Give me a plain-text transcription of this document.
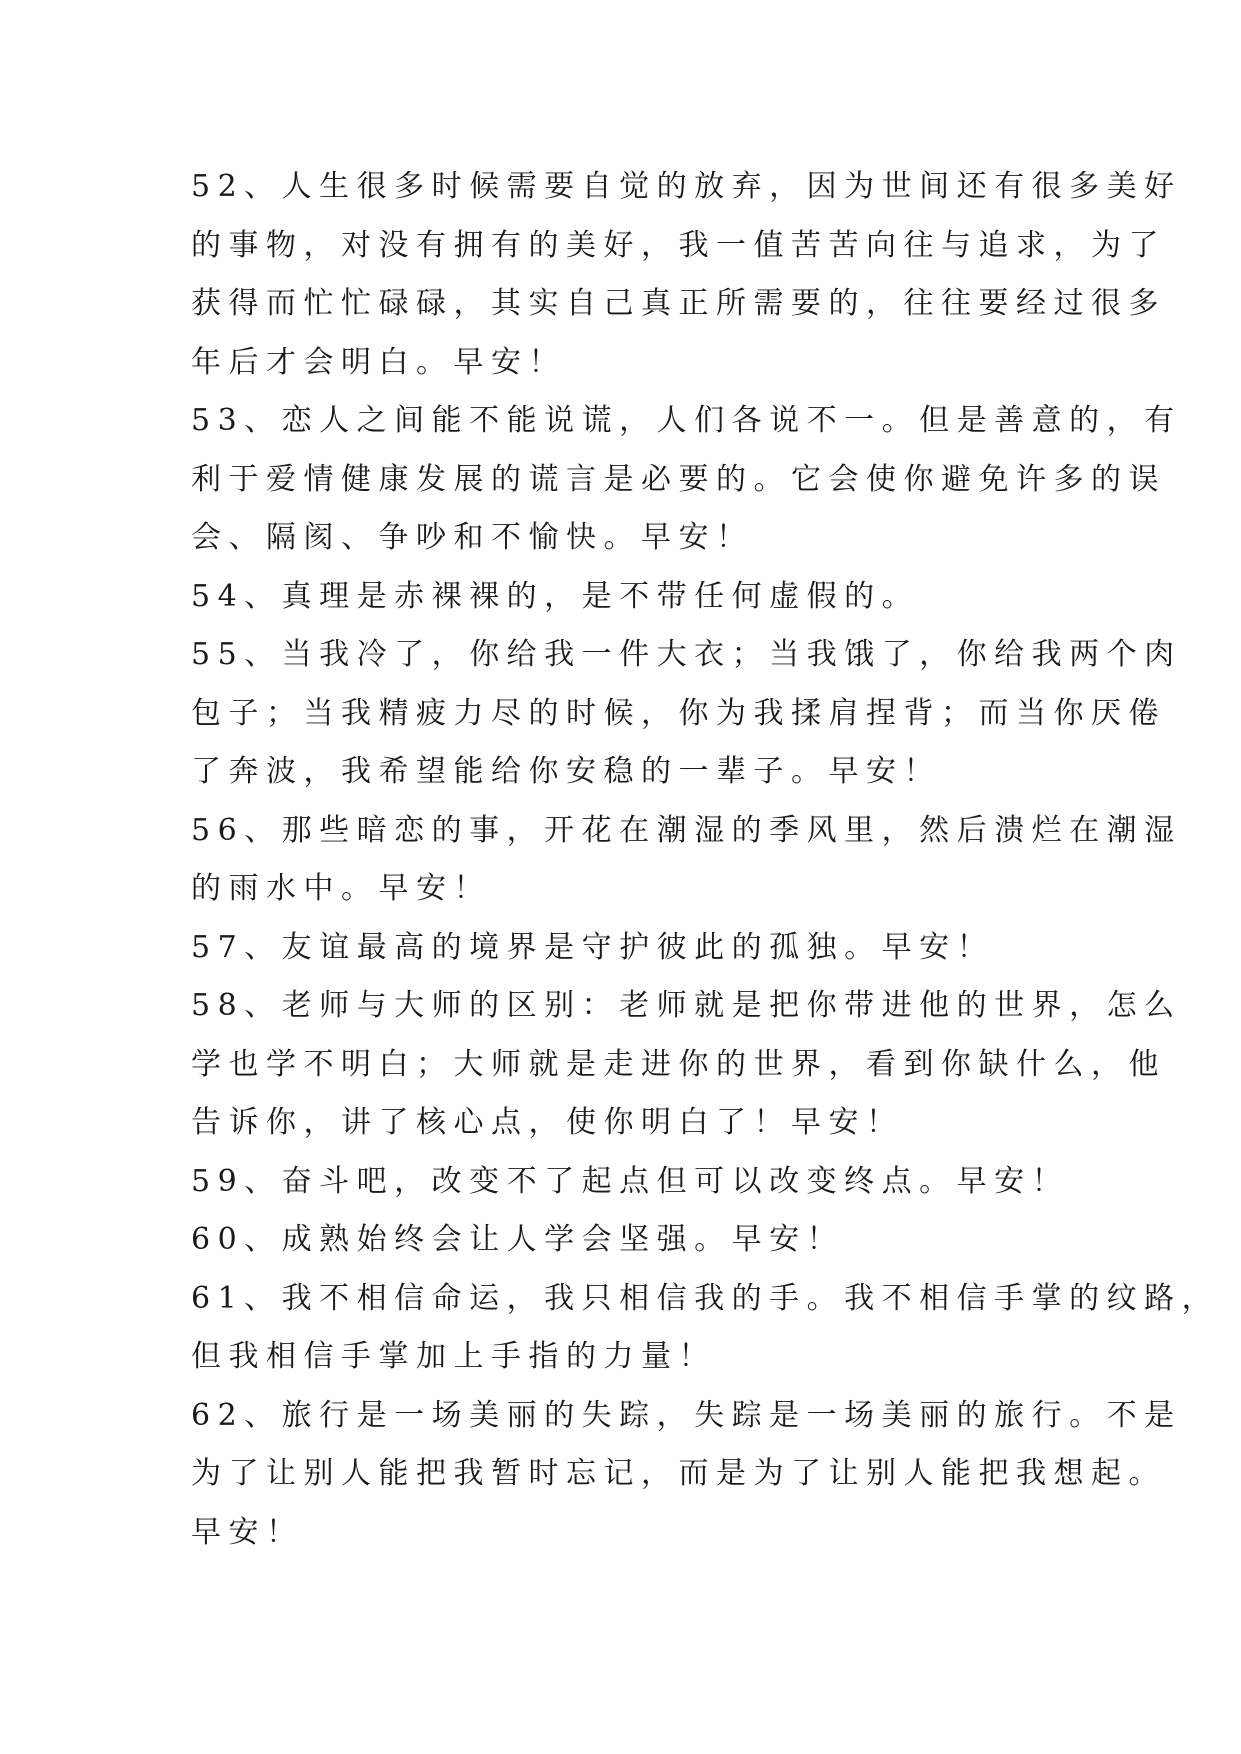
52、人生很多时候需要自觉的放弃，因为世间还有很多美好
的事物，对没有拥有的美好，我一值苦苦向往与追求，为了
获得而忙忙碌碌，其实自己真正所需要的，往往要经过很多
年后才会明白。早安！

53、恋人之间能不能说谎，人们各说不一。但是善意的，有
利于爱情健康发展的谎言是必要的。它会使你避免许多的误
会、隔阂、争吵和不愉快。早安！

54、真理是赤裸裸的，是不带任何虚假的。

55、当我冷了，你给我一件大衣；当我饿了，你给我两个肉
包子；当我精疲力尽的时候，你为我揉肩捏背；而当你厌倦
了奔波，我希望能给你安稳的一辈子。早安！

56、那些暗恋的事，开花在潮湿的季风里，然后溃烂在潮湿
的雨水中。早安！

57、友谊最高的境界是守护彼此的孤独。早安！

58、老师与大师的区别：老师就是把你带进他的世界，怎么
学也学不明白；大师就是走进你的世界，看到你缺什么，他
告诉你，讲了核心点，使你明白了！早安！

59、奋斗吧，改变不了起点但可以改变终点。早安！

60、成熟始终会让人学会坚强。早安！

61、我不相信命运，我只相信我的手。我不相信手掌的纹路，
但我相信手掌加上手指的力量！

62、旅行是一场美丽的失踪，失踪是一场美丽的旅行。不是
为了让别人能把我暂时忘记，而是为了让别人能把我想起。
早安！
